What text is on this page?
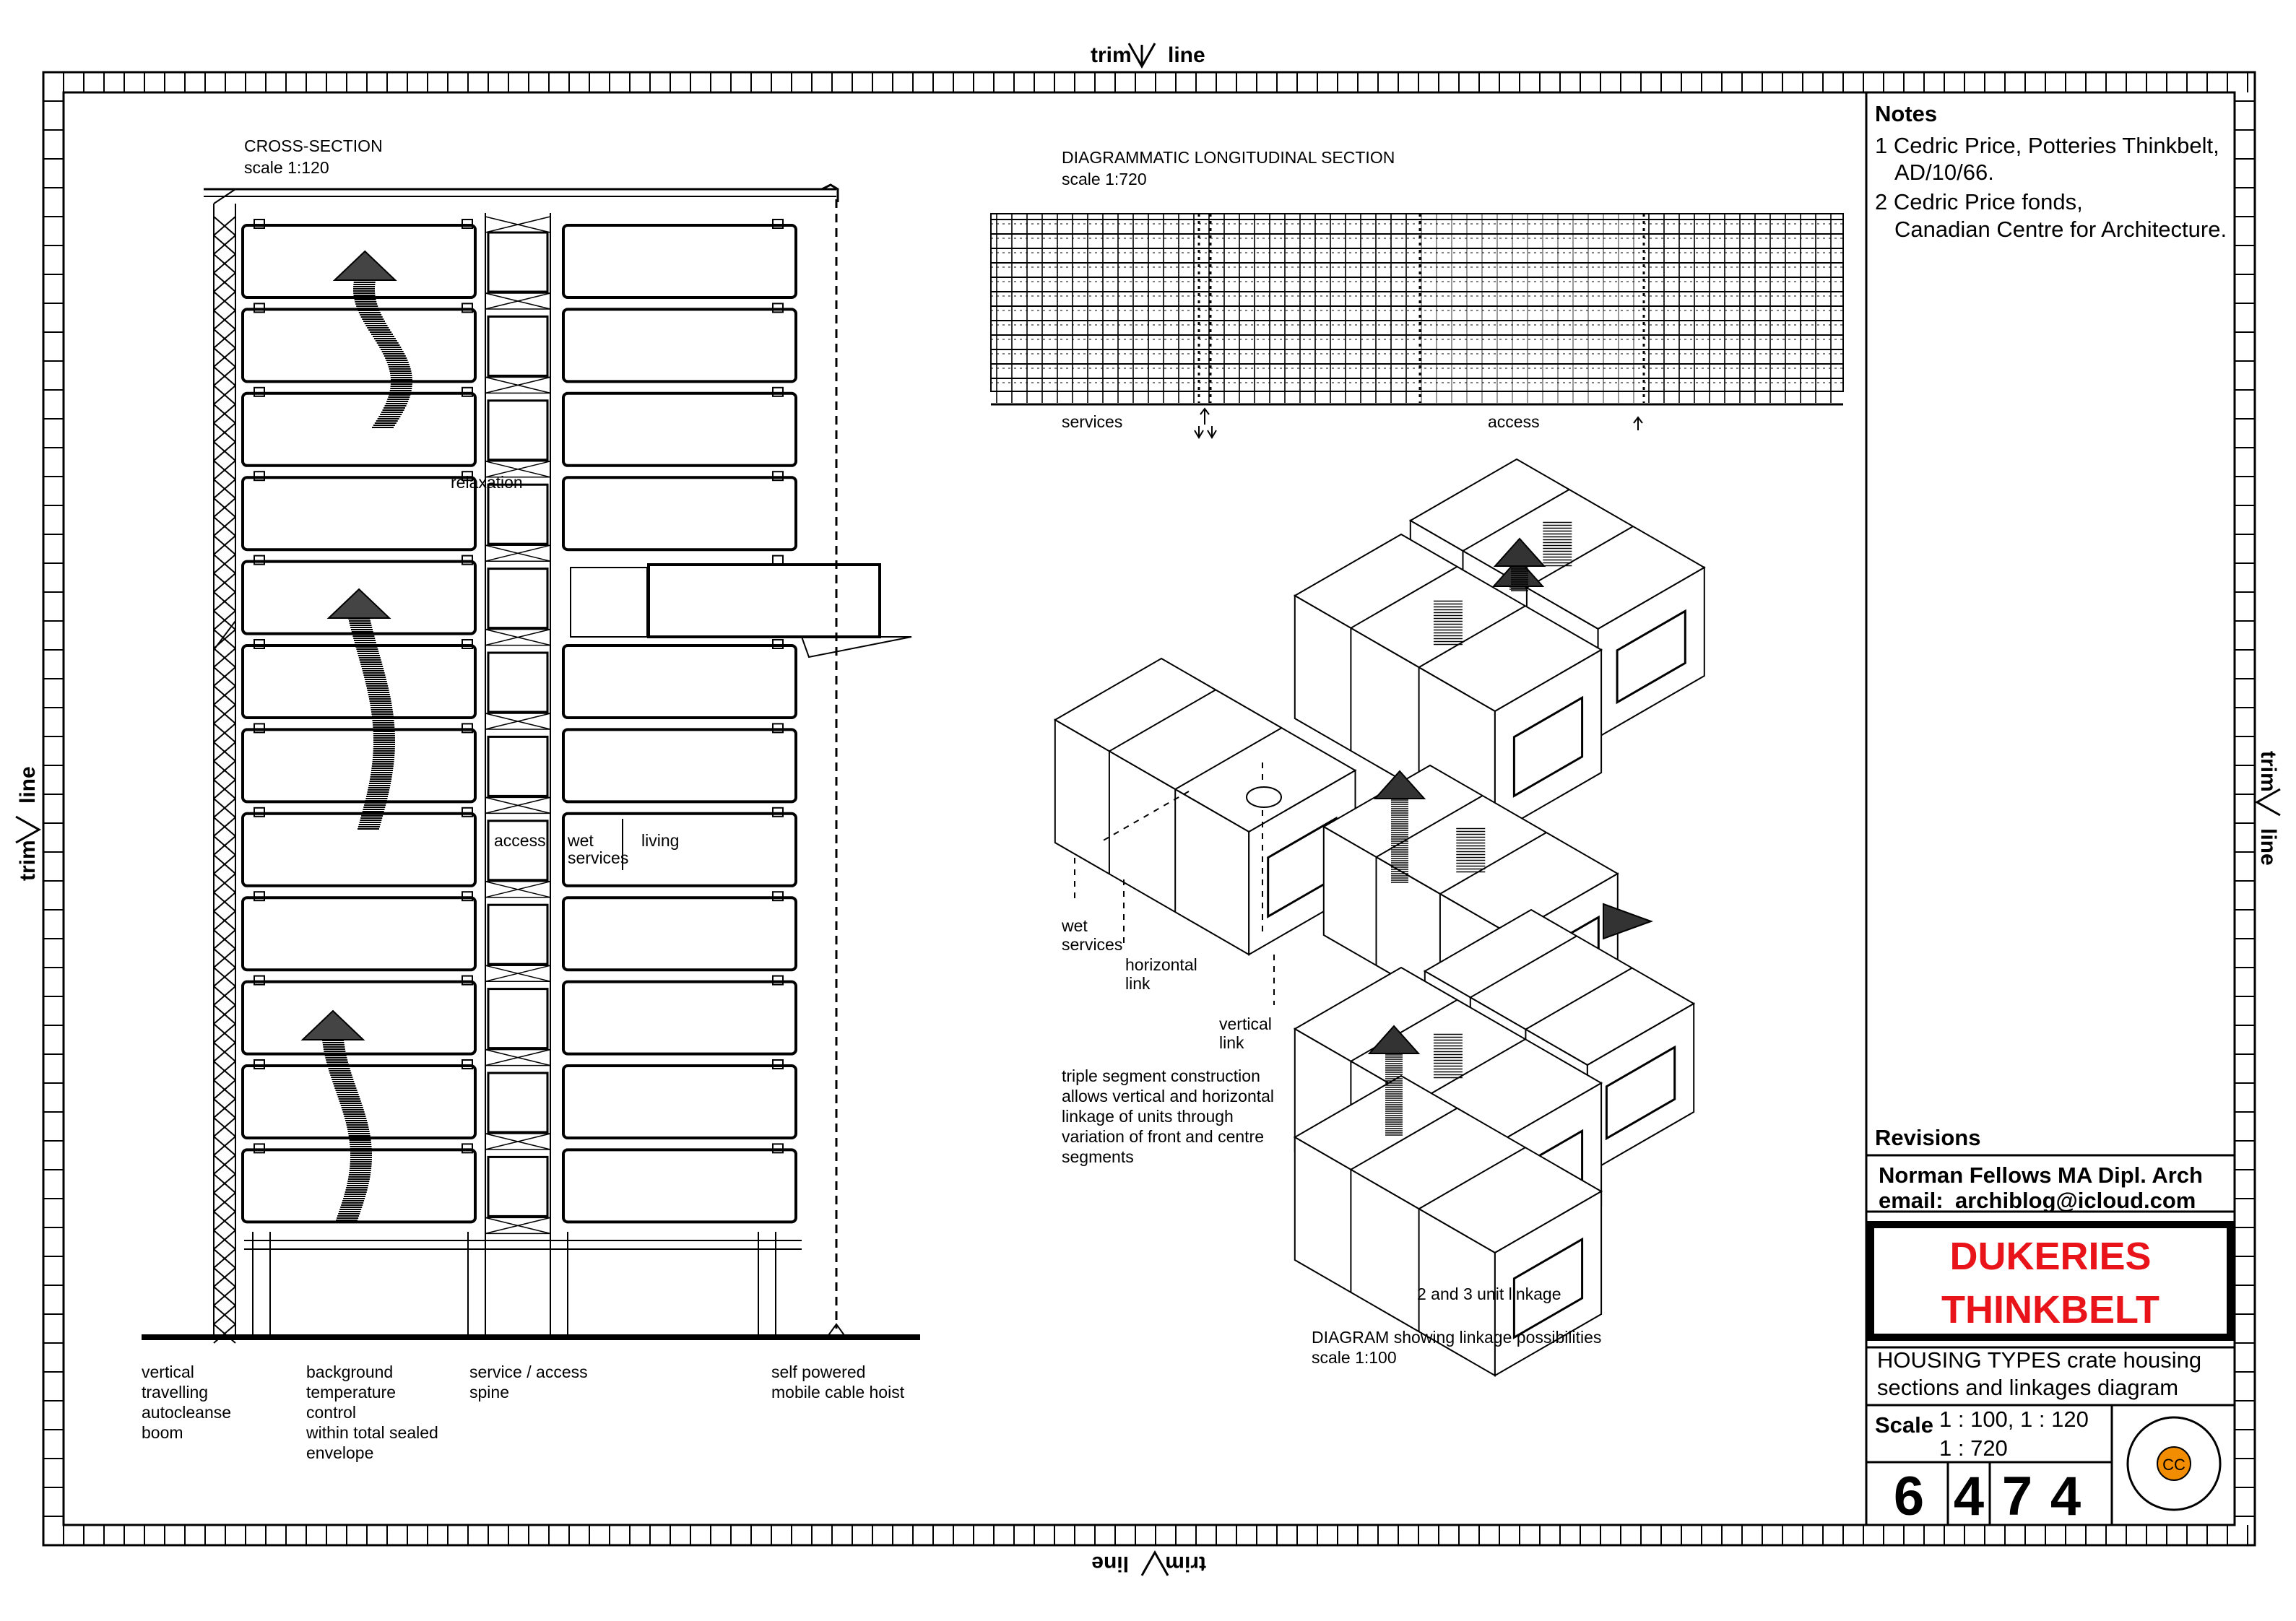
trim line
trim
line
trim
line	trim
line
Notes
1 Cedric Price, Potteries Thinkbelt,
AD/10/66.
2 Cedric Price fonds,
Canadian Centre for Architecture.
Revisions
Norman Fellows MA Dipl. Arch
email: archiblog@icloud.com
DUKERIES
THINKBELT
HOUSING TYPES crate housing
sections and linkages diagram
Scale 1 : 100, 1 : 120
1 : 720
6 4 7 4
CC
CROSS-SECTION
scale 1:120
relaxation
access wet
services
living
vertical
travelling
autocleanse
boom
background
temperature
control
within total sealed
envelope
service / access
spine
self powered
mobile cable hoist
DIAGRAMMATIC LONGITUDINAL SECTION
scale 1:720
services	access
wet
services
horizontal
link
vertical
link
triple segment construction
allows vertical and horizontal
linkage of units through
variation of front and centre
segments
2 and 3 unit linkage
DIAGRAM showing linkage possibilities
scale 1:100
